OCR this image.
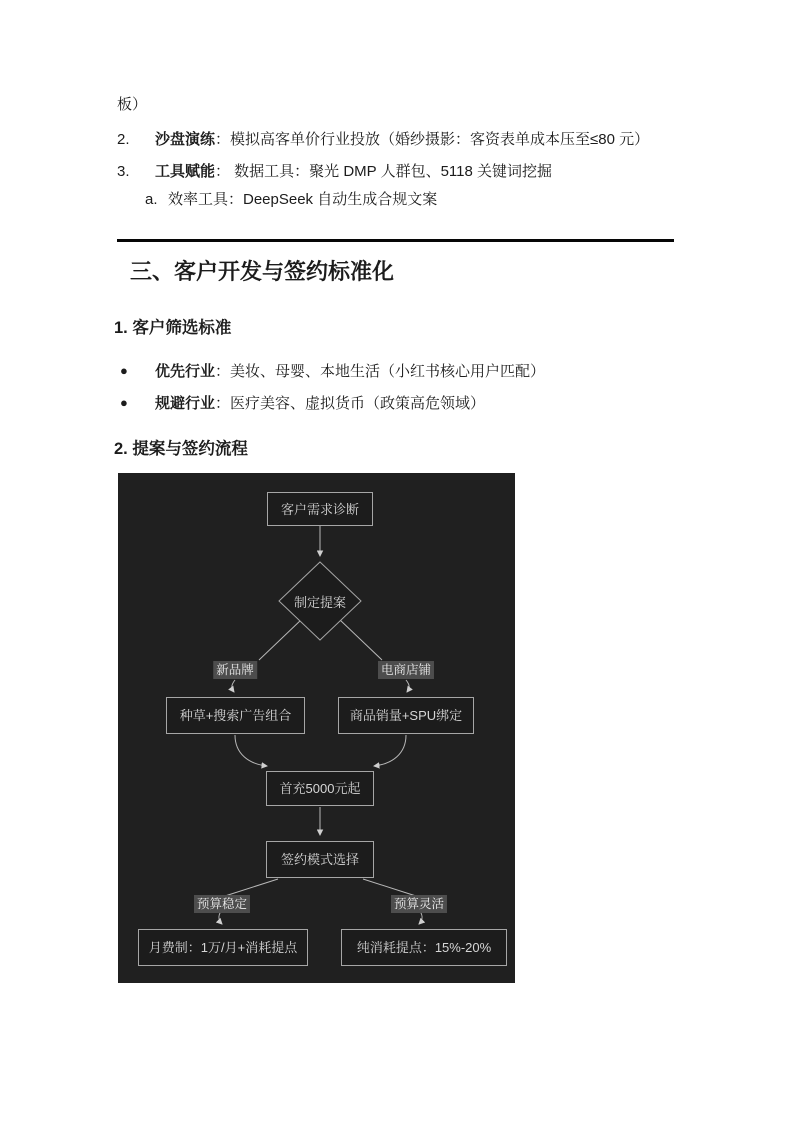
板）
2. 沙盘演练：模拟高客单价行业投放（婚纱摄影：客资表单成本压至≤80 元）
3. 工具赋能： 数据工具：聚光 DMP 人群包、5118 关键词挖掘
a. 效率工具：DeepSeek 自动生成合规文案
三、客户开发与签约标准化
1. 客户筛选标准
● 优先行业：美妆、母婴、本地生活（小红书核心用户匹配）
● 规避行业：医疗美容、虚拟货币（政策高危领域）
2. 提案与签约流程
客户需求诊断
制定提案
新品牌	电商店铺
种草+搜索广告组合	商品销量+SPU绑定
首充5000元起
签约模式选择
预算稳定	预算灵活
月费制：1万/月+消耗提点	纯消耗提点：15%-20%
